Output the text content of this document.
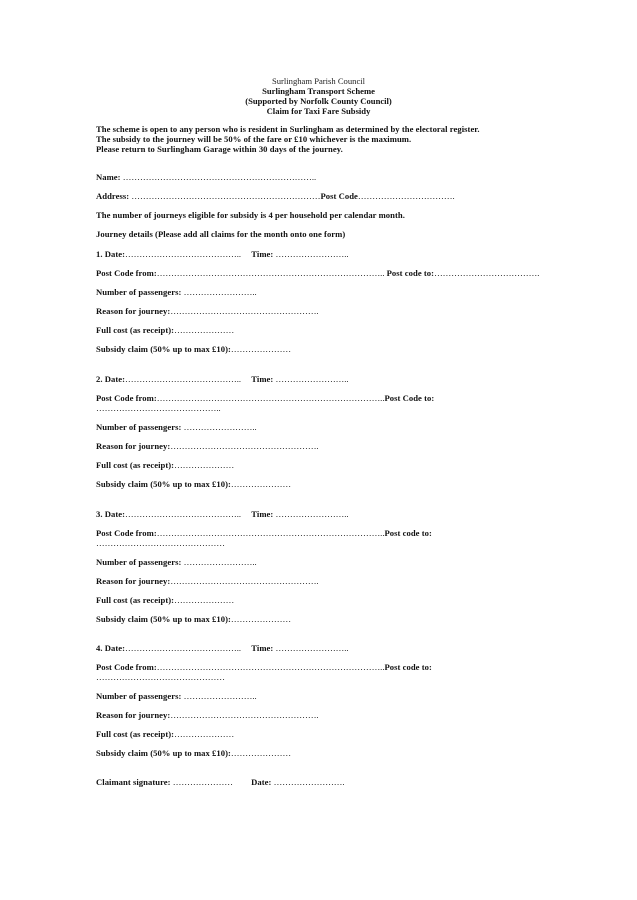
Surlingham Parish Council
Surlingham Transport Scheme
(Supported by Norfolk County Council)
Claim for Taxi Fare Subsidy
The scheme is open to any person who is resident in Surlingham as determined by the electoral register.
The subsidy to the journey will be 50% of the fare or £10 whichever is the maximum.
Please return to Surlingham Garage within 30 days of the journey.
Name: …………………………………………………………..
Address: …………………………………………………………Post Code…………………………….
The number of journeys eligible for subsidy is 4 per household per calendar month.
Journey details (Please add all claims for the month onto one form)
1. Date:………………………………….. Time: ……………………..
Post Code from:…………………………………………………………………….. Post code to:……………………………….
Number of passengers: ……………………..
Reason for journey:…………………………………………….
Full cost (as receipt):…………………
Subsidy claim (50% up to max £10):…………………
2. Date:………………………………….. Time: ……………………..
Post Code from:……………………………………………………………………..Post Code to:
……………………………………..
Number of passengers: ……………………..
Reason for journey:…………………………………………….
Full cost (as receipt):…………………
Subsidy claim (50% up to max £10):…………………
3. Date:………………………………….. Time: ……………………..
Post Code from:……………………………………………………………………..Post code to:
………………………………………
Number of passengers: ……………………..
Reason for journey:…………………………………………….
Full cost (as receipt):…………………
Subsidy claim (50% up to max £10):…………………
4. Date:………………………………….. Time: ……………………..
Post Code from:……………………………………………………………………..Post code to:
………………………………………
Number of passengers: ……………………..
Reason for journey:…………………………………………….
Full cost (as receipt):…………………
Subsidy claim (50% up to max £10):…………………
Claimant signature: ………………… Date: …………………….
